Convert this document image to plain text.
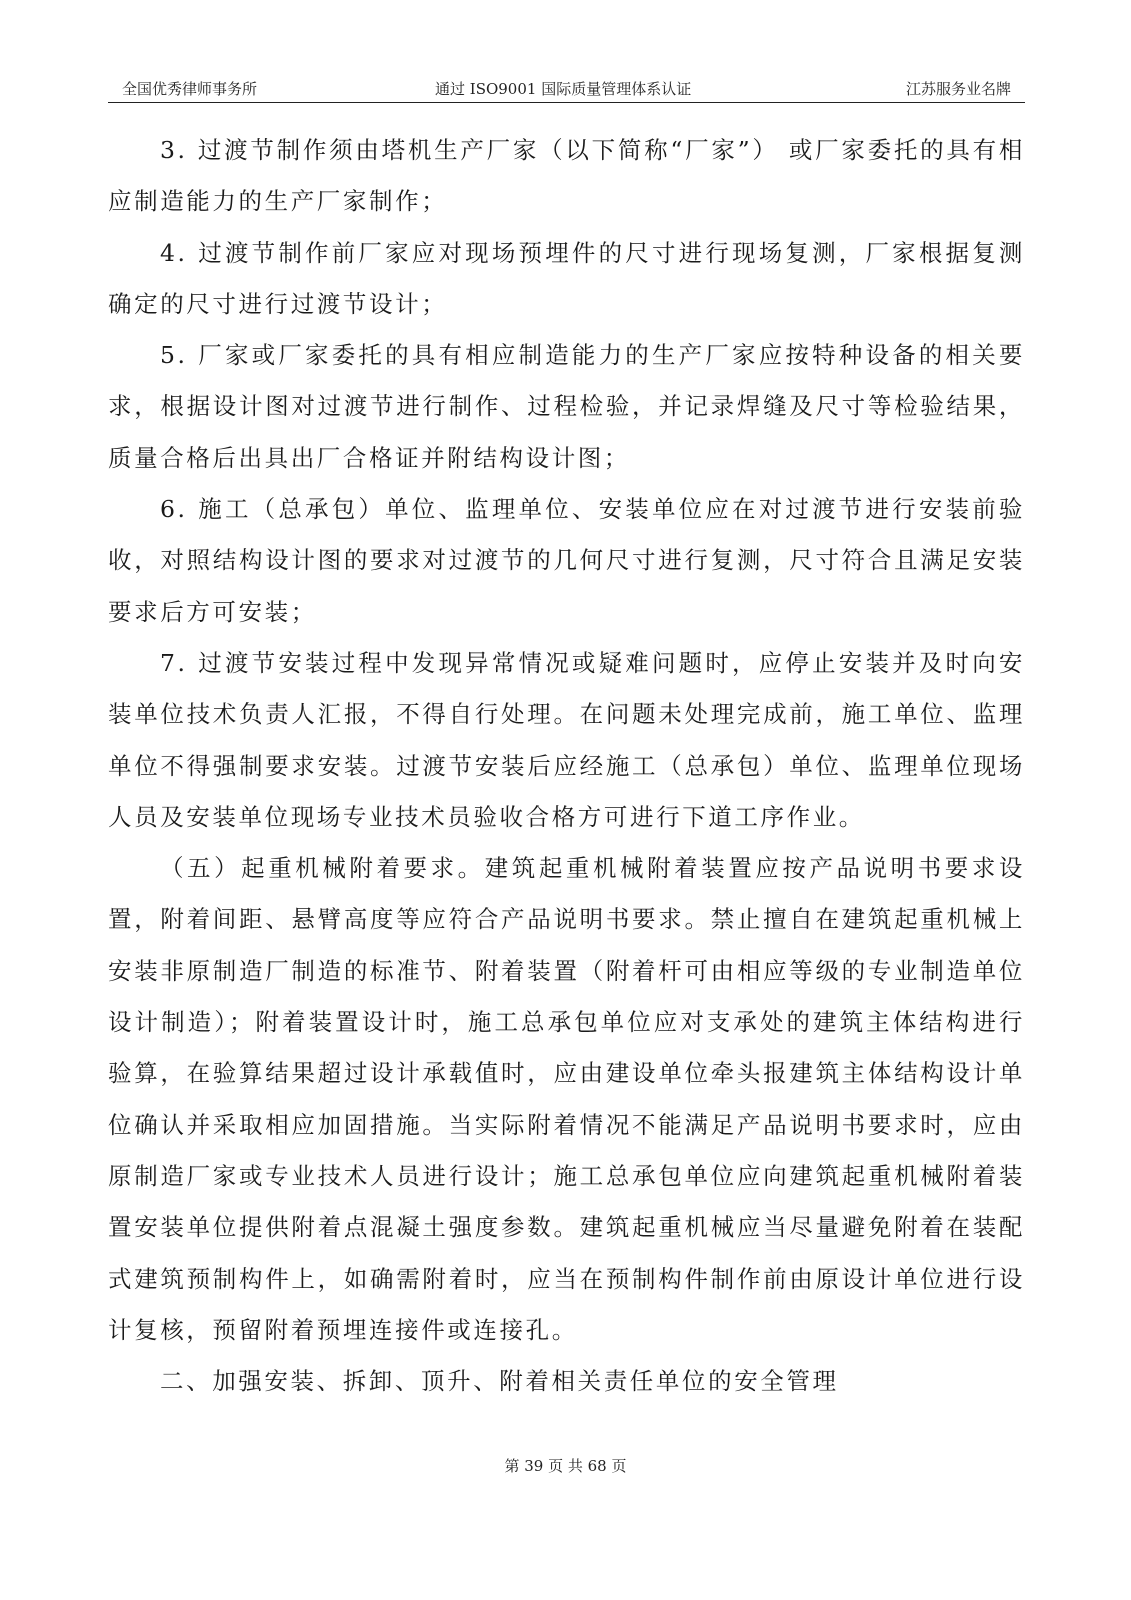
全国优秀律师事务所	通过 ISO9001 国际质量管理体系认证	江苏服务业名牌

3. 过渡节制作须由塔机生产厂家（以下简称“厂家”） 或厂家委托的具有相应制造能力的生产厂家制作；

4. 过渡节制作前厂家应对现场预埋件的尺寸进行现场复测，厂家根据复测确定的尺寸进行过渡节设计；

5. 厂家或厂家委托的具有相应制造能力的生产厂家应按特种设备的相关要求，根据设计图对过渡节进行制作、过程检验，并记录焊缝及尺寸等检验结果，质量合格后出具出厂合格证并附结构设计图；

6. 施工（总承包）单位、监理单位、安装单位应在对过渡节进行安装前验收，对照结构设计图的要求对过渡节的几何尺寸进行复测，尺寸符合且满足安装要求后方可安装；

7. 过渡节安装过程中发现异常情况或疑难问题时，应停止安装并及时向安装单位技术负责人汇报，不得自行处理。在问题未处理完成前，施工单位、监理单位不得强制要求安装。过渡节安装后应经施工（总承包）单位、监理单位现场人员及安装单位现场专业技术员验收合格方可进行下道工序作业。

（五）起重机械附着要求。建筑起重机械附着装置应按产品说明书要求设置，附着间距、悬臂高度等应符合产品说明书要求。禁止擅自在建筑起重机械上安装非原制造厂制造的标准节、附着装置（附着杆可由相应等级的专业制造单位设计制造）；附着装置设计时，施工总承包单位应对支承处的建筑主体结构进行验算，在验算结果超过设计承载值时，应由建设单位牵头报建筑主体结构设计单位确认并采取相应加固措施。当实际附着情况不能满足产品说明书要求时，应由原制造厂家或专业技术人员进行设计；施工总承包单位应向建筑起重机械附着装置安装单位提供附着点混凝土强度参数。建筑起重机械应当尽量避免附着在装配式建筑预制构件上，如确需附着时，应当在预制构件制作前由原设计单位进行设计复核，预留附着预埋连接件或连接孔。

二、加强安装、拆卸、顶升、附着相关责任单位的安全管理

第 39 页 共 68 页
